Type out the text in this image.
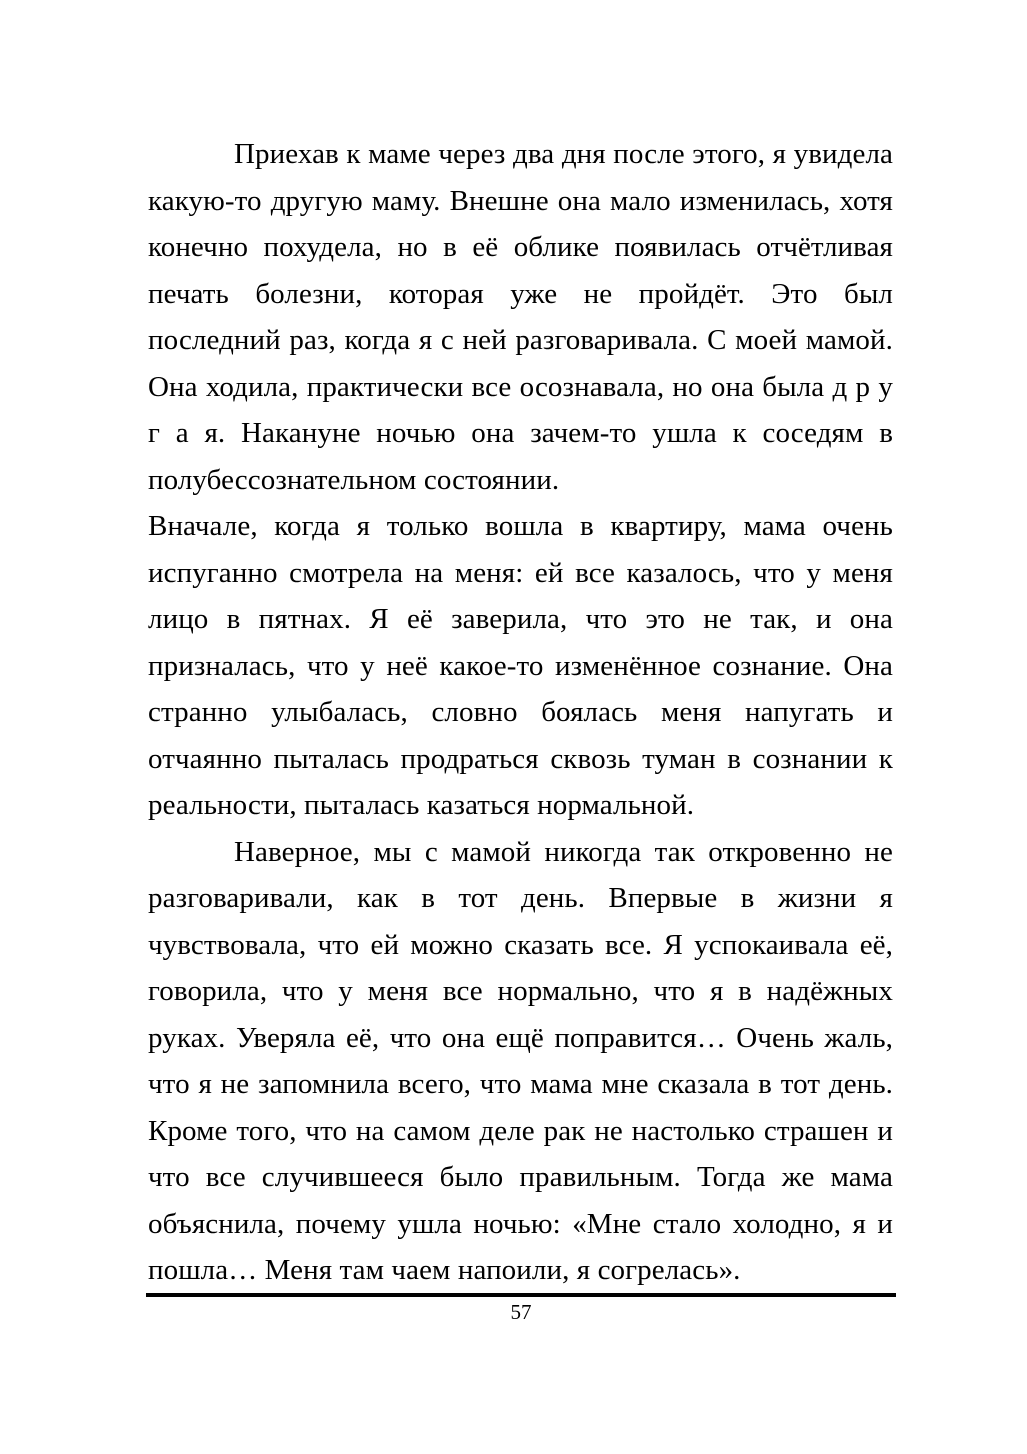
Приехав к маме через два дня после этого, я увидела какую-то другую маму. Внешне она мало изменилась, хотя конечно похудела, но в её облике появилась отчётливая печать болезни, которая уже не пройдёт. Это был последний раз, когда я с ней разговаривала. С моей мамой. Она ходила, практически все осознавала, но она была д р у г а я. Накануне ночью она зачем-то ушла к соседям в полубессознательном состоянии.

Вначале, когда я только вошла в квартиру, мама очень испуганно смотрела на меня: ей все казалось, что у меня лицо в пятнах. Я её заверила, что это не так, и она призналась, что у неё какое-то изменённое сознание. Она странно улыбалась, словно боялась меня напугать и отчаянно пыталась продраться сквозь туман в сознании к реальности, пыталась казаться нормальной.

Наверное, мы с мамой никогда так откровенно не разговаривали, как в тот день. Впервые в жизни я чувствовала, что ей можно сказать все. Я успокаивала её, говорила, что у меня все нормально, что я в надёжных руках. Уверяла её, что она ещё поправится… Очень жаль, что я не запомнила всего, что мама мне сказала в тот день. Кроме того, что на самом деле рак не настолько страшен и что все случившееся было правильным. Тогда же мама объяснила, почему ушла ночью: «Мне стало холодно, я и пошла… Меня там чаем напоили, я согрелась».

57
